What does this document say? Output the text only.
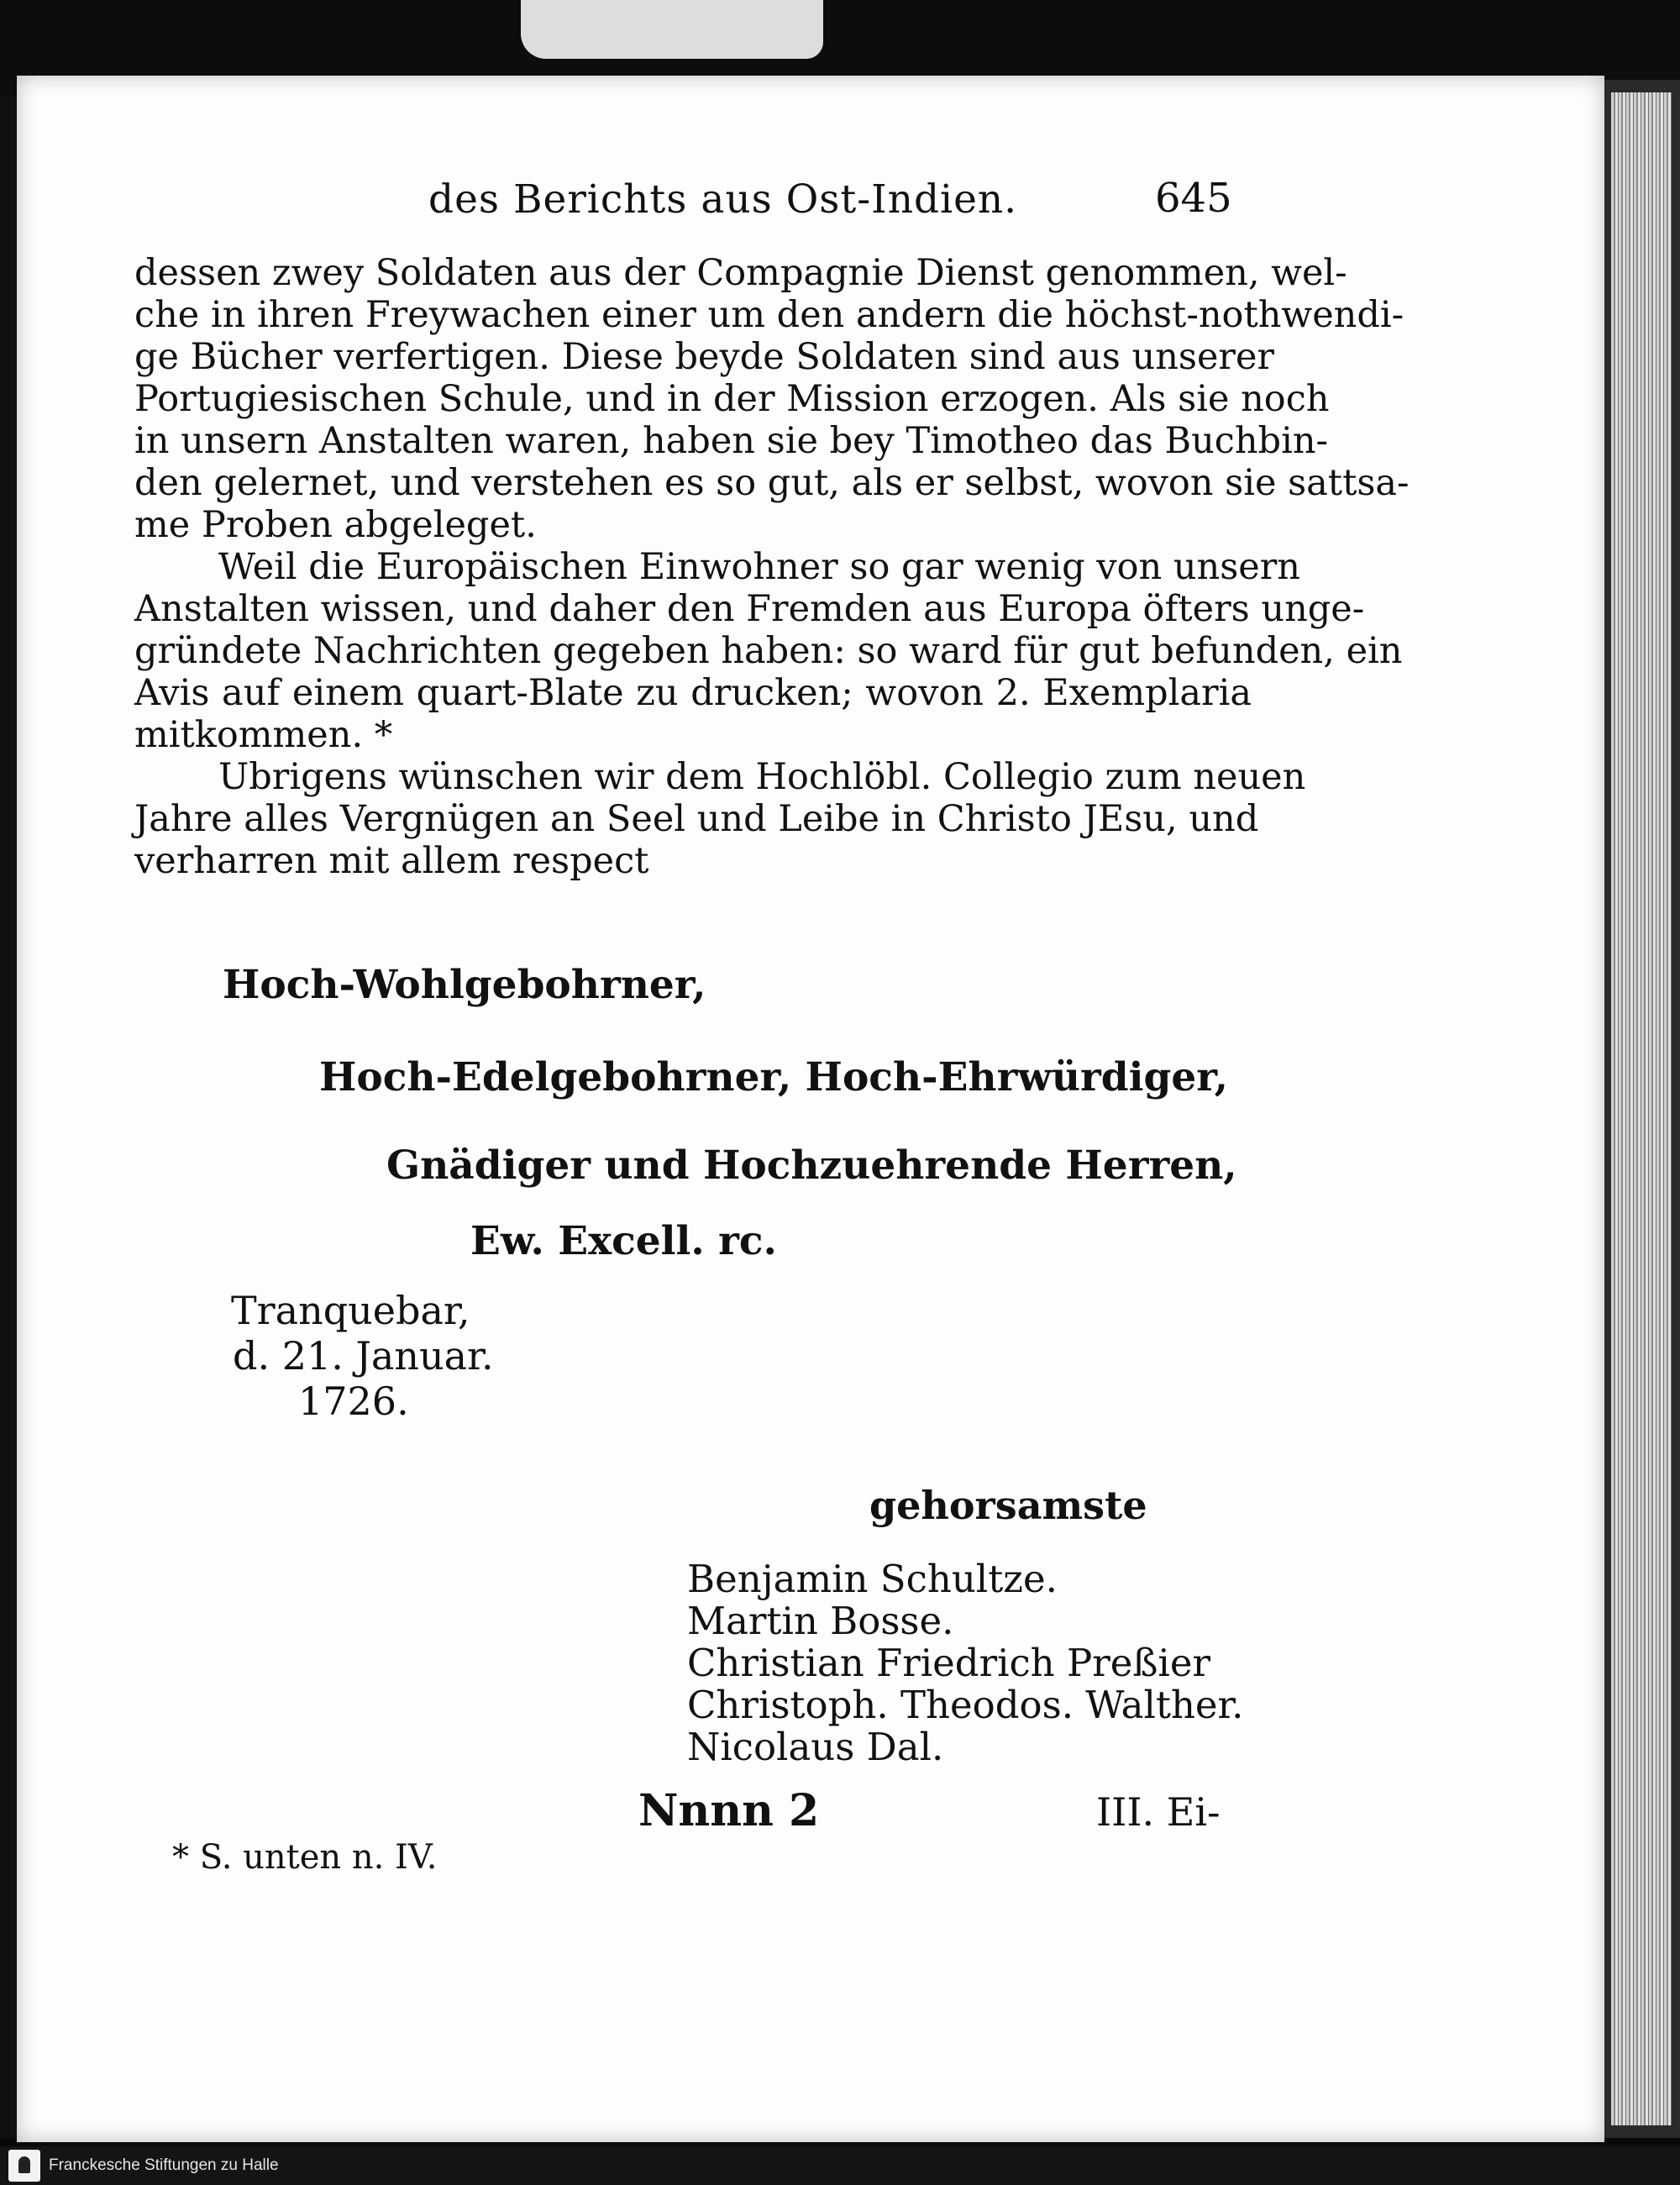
des Berichts aus Ost-Indien.	645
dessen zwey Soldaten aus der Compagnie Dienst genommen, wel-
che in ihren Freywachen einer um den andern die höchst-nothwendi-
ge Bücher verfertigen. Diese beyde Soldaten sind aus unserer
Portugiesischen Schule, und in der Mission erzogen. Als sie noch
in unsern Anstalten waren, haben sie bey Timotheo das Buchbin-
den gelernet, und verstehen es so gut, als er selbst, wovon sie sattsa-
me Proben abgeleget.
Weil die Europäischen Einwohner so gar wenig von unsern
Anstalten wissen, und daher den Fremden aus Europa öfters unge-
gründete Nachrichten gegeben haben: so ward für gut befunden, ein
Avis auf einem quart-Blate zu drucken; wovon 2. Exemplaria
mitkommen. *
Ubrigens wünschen wir dem Hochlöbl. Collegio zum neuen
Jahre alles Vergnügen an Seel und Leibe in Christo JEsu, und
verharren mit allem respect
Hoch-Wohlgebohrner,
Hoch-Edelgebohrner, Hoch-Ehrwürdiger,
Gnädiger und Hochzuehrende Herren,
Ew. Excell. rc.
Tranquebar,
d. 21. Januar.
1726.
gehorsamste
Benjamin Schultze.
Martin Bosse.
Christian Friedrich Preßier
Christoph. Theodos. Walther.
Nicolaus Dal.
Nnnn 2	III. Ei-
* S. unten n. IV.
Franckesche Stiftungen zu Halle
